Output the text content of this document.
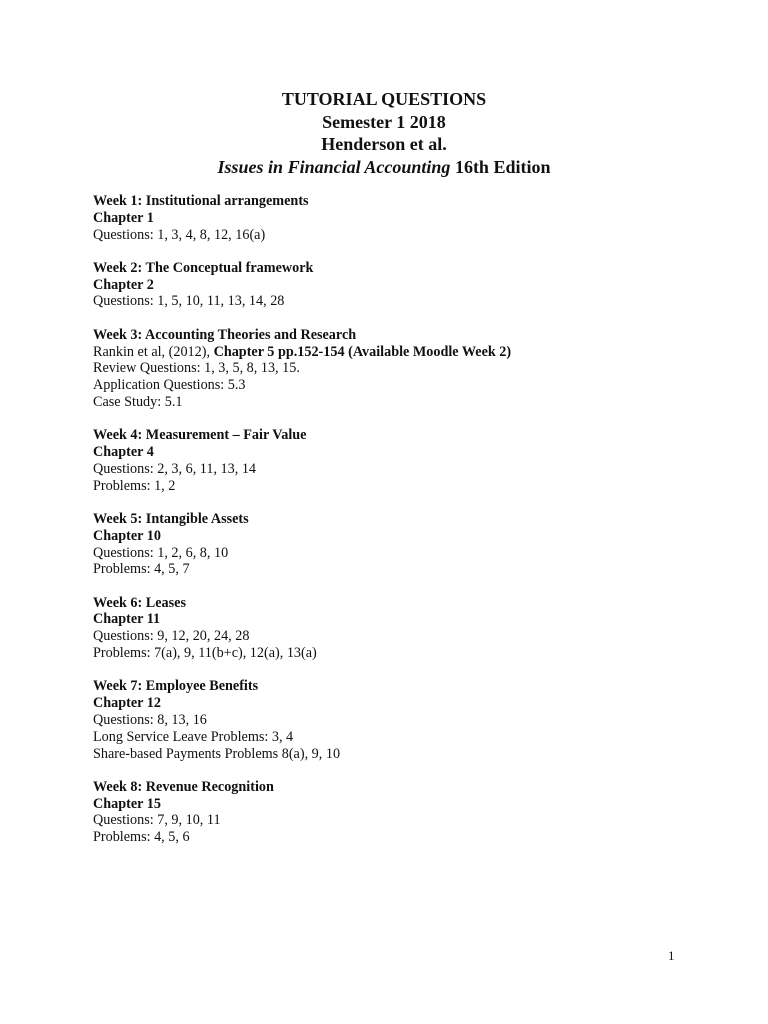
TUTORIAL QUESTIONS
Semester 1 2018
Henderson et al.
Issues in Financial Accounting 16th Edition
Week 1: Institutional arrangements
Chapter 1
Questions: 1, 3, 4, 8, 12, 16(a)
Week 2: The Conceptual framework
Chapter 2
Questions: 1, 5, 10, 11, 13, 14, 28
Week 3: Accounting Theories and Research
Rankin et al, (2012), Chapter 5 pp.152-154 (Available Moodle Week 2)
Review Questions: 1, 3, 5, 8, 13, 15.
Application Questions: 5.3
Case Study: 5.1
Week 4: Measurement – Fair Value
Chapter 4
Questions: 2, 3, 6, 11, 13, 14
Problems: 1, 2
Week 5: Intangible Assets
Chapter 10
Questions: 1, 2, 6, 8, 10
Problems: 4, 5, 7
Week 6: Leases
Chapter 11
Questions: 9, 12, 20, 24, 28
Problems: 7(a), 9, 11(b+c), 12(a), 13(a)
Week 7: Employee Benefits
Chapter 12
Questions: 8, 13, 16
Long Service Leave Problems: 3, 4
Share-based Payments Problems 8(a), 9, 10
Week 8: Revenue Recognition
Chapter 15
Questions: 7, 9, 10, 11
Problems: 4, 5, 6
1
